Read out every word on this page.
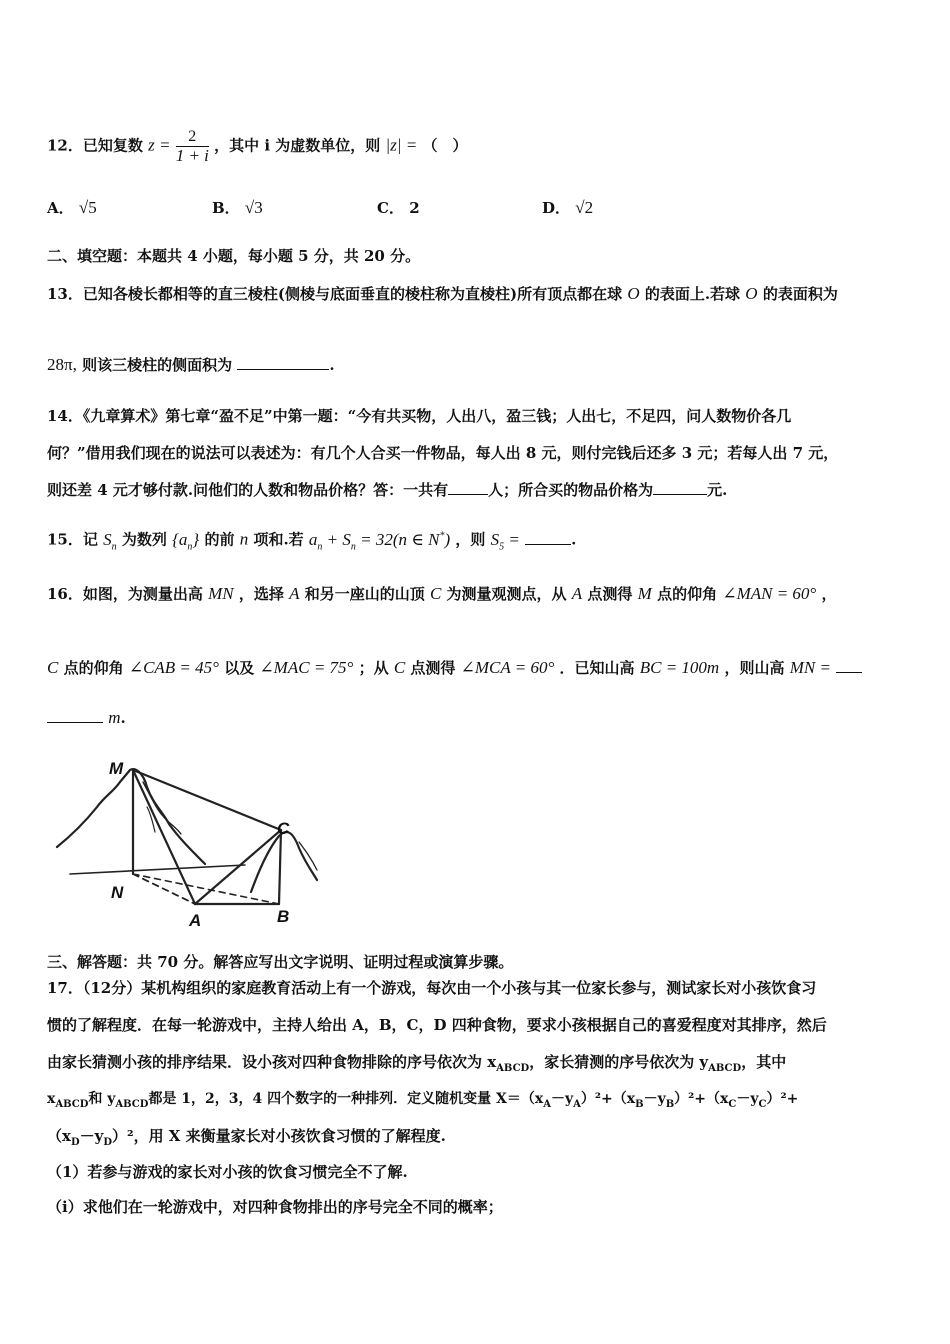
12．已知复数 $z = \frac{2}{1 + i}$ ，其中 i 为虚数单位，则 |z| = （　）
A． √5	B． √3	C． 2	D． √2
二、填空题：本题共 4 小题，每小题 5 分，共 20 分。
13．已知各棱长都相等的直三棱柱(侧棱与底面垂直的棱柱称为直棱柱)所有顶点都在球 O 的表面上.若球 O 的表面积为
28π, 则该三棱柱的侧面积为	.
14．《九章算术》第七章“盈不足”中第一题：“今有共买物，人出八，盈三钱；人出七，不足四，问人数物价各几
何？”借用我们现在的说法可以表述为：有几个人合买一件物品，每人出 8 元，则付完钱后还多 3 元；若每人出 7 元，
则还差 4 元才够付款.问他们的人数和物品价格？答：一共有	人；所合买的物品价格为	元.
15．记 $S_n$ 为数列 $\{a_n\}$ 的前 n 项和.若 $a_n + S_n = 32(n$ ∈ N*) ，则 $S_5$ =	.
16．如图，为测量出高 MN ，选择 A 和另一座山的山顶 C 为测量观测点，从 A 点测得 M 点的仰角 ∠MAN = 60° ，
C 点的仰角 ∠CAB = 45° 以及 ∠MAC = 75° ；从 C 点测得 ∠MCA = 60° ．已知山高 BC = 100m ，则山高 MN =
m.
M
N
A	B
C
三、解答题：共 70 分。解答应写出文字说明、证明过程或演算步骤。
17．（12分）某机构组织的家庭教育活动上有一个游戏，每次由一个小孩与其一位家长参与，测试家长对小孩饮食习
惯的了解程度．在每一轮游戏中，主持人给出 A，B，C，D 四种食物，要求小孩根据自己的喜爱程度对其排序，然后
由家长猜测小孩的排序结果．设小孩对四种食物排除的序号依次为 $x_{ABCD}$，家长猜测的序号依次为 $y_{ABCD}$，其中
$x_{ABCD}$和 $y_{ABCD}$都是 1，2，3，4 四个数字的一种排列．定义随机变量 $X=(x_A-y_A)^2+(x_B-y_B)^2+(x_C-y_C)^2+$
$(x_D-y_D)^2$，用 X 来衡量家长对小孩饮食习惯的了解程度.
（1）若参与游戏的家长对小孩的饮食习惯完全不了解.
（ⅰ）求他们在一轮游戏中，对四种食物排出的序号完全不同的概率；
